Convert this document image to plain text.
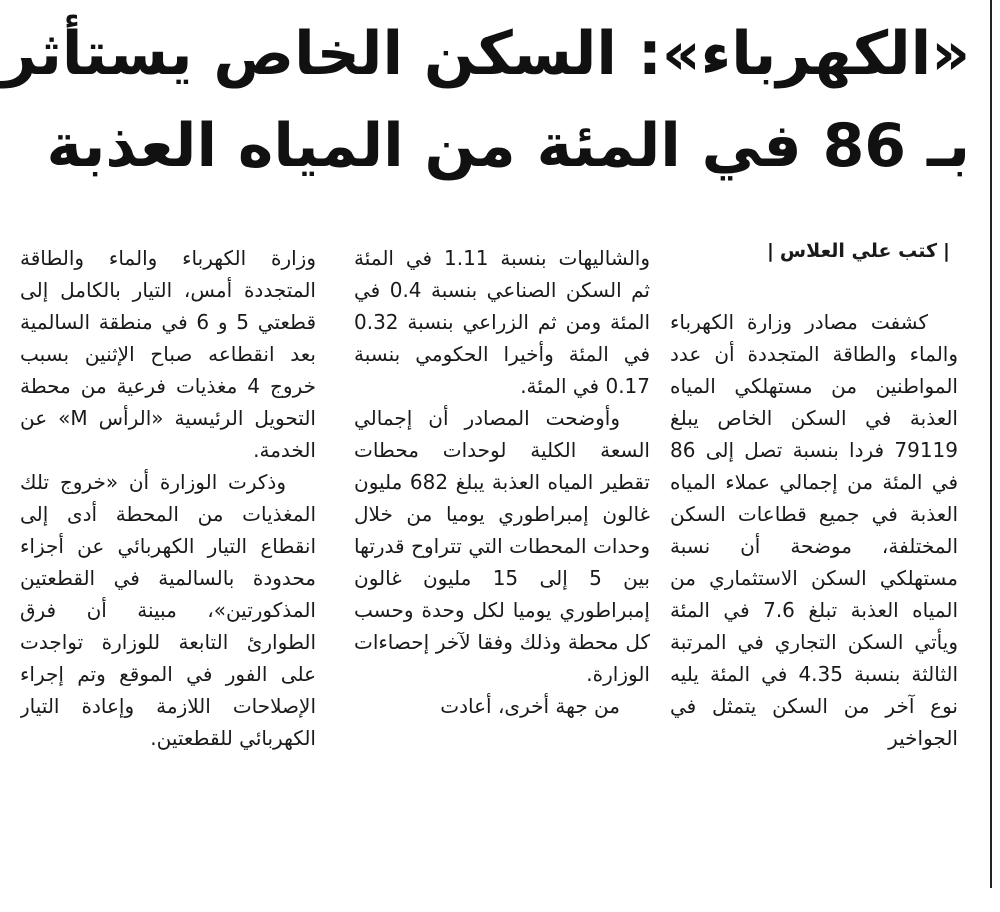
«الكهرباء»: السكن الخاص يستأثر
بـ 86 في المئة من المياه العذبة
|كتب علي العلاس|

كشفت مصادر وزارة الكهرباء والماء والطاقة المتجددة أن عدد المواطنين من مستهلكي المياه العذبة في السكن الخاص يبلغ 79119 فردا بنسبة تصل إلى 86 في المئة من إجمالي عملاء المياه العذبة في جميع قطاعات السكن المختلفة، موضحة أن نسبة مستهلكي السكن الاستثماري من المياه العذبة تبلغ 7.6 في المئة ويأتي السكن التجاري في المرتبة الثالثة بنسبة 4.35 في المئة يليه نوع آخر من السكن يتمثل في الجواخير

والشاليهات بنسبة 1.11 في المئة ثم السكن الصناعي بنسبة 0.4 في المئة ومن ثم الزراعي بنسبة 0.32 في المئة وأخيرا الحكومي بنسبة 0.17 في المئة.

وأوضحت المصادر أن إجمالي السعة الكلية لوحدات محطات تقطير المياه العذبة يبلغ 682 مليون غالون إمبراطوري يوميا من خلال وحدات المحطات التي تتراوح قدرتها بين 5 إلى 15 مليون غالون إمبراطوري يوميا لكل وحدة وحسب كل محطة وذلك وفقا لآخر إحصاءات الوزارة.

من جهة أخرى، أعادت

وزارة الكهرباء والماء والطاقة المتجددة أمس، التيار بالكامل إلى قطعتي 5 و 6 في منطقة السالمية بعد انقطاعه صباح الإثنين بسبب خروج 4 مغذيات فرعية من محطة التحويل الرئيسية «الرأس M» عن الخدمة.

وذكرت الوزارة أن «خروج تلك المغذيات من المحطة أدى إلى انقطاع التيار الكهربائي عن أجزاء محدودة بالسالمية في القطعتين المذكورتين»، مبينة أن فرق الطوارئ التابعة للوزارة تواجدت على الفور في الموقع وتم إجراء الإصلاحات اللازمة وإعادة التيار الكهربائي للقطعتين.
